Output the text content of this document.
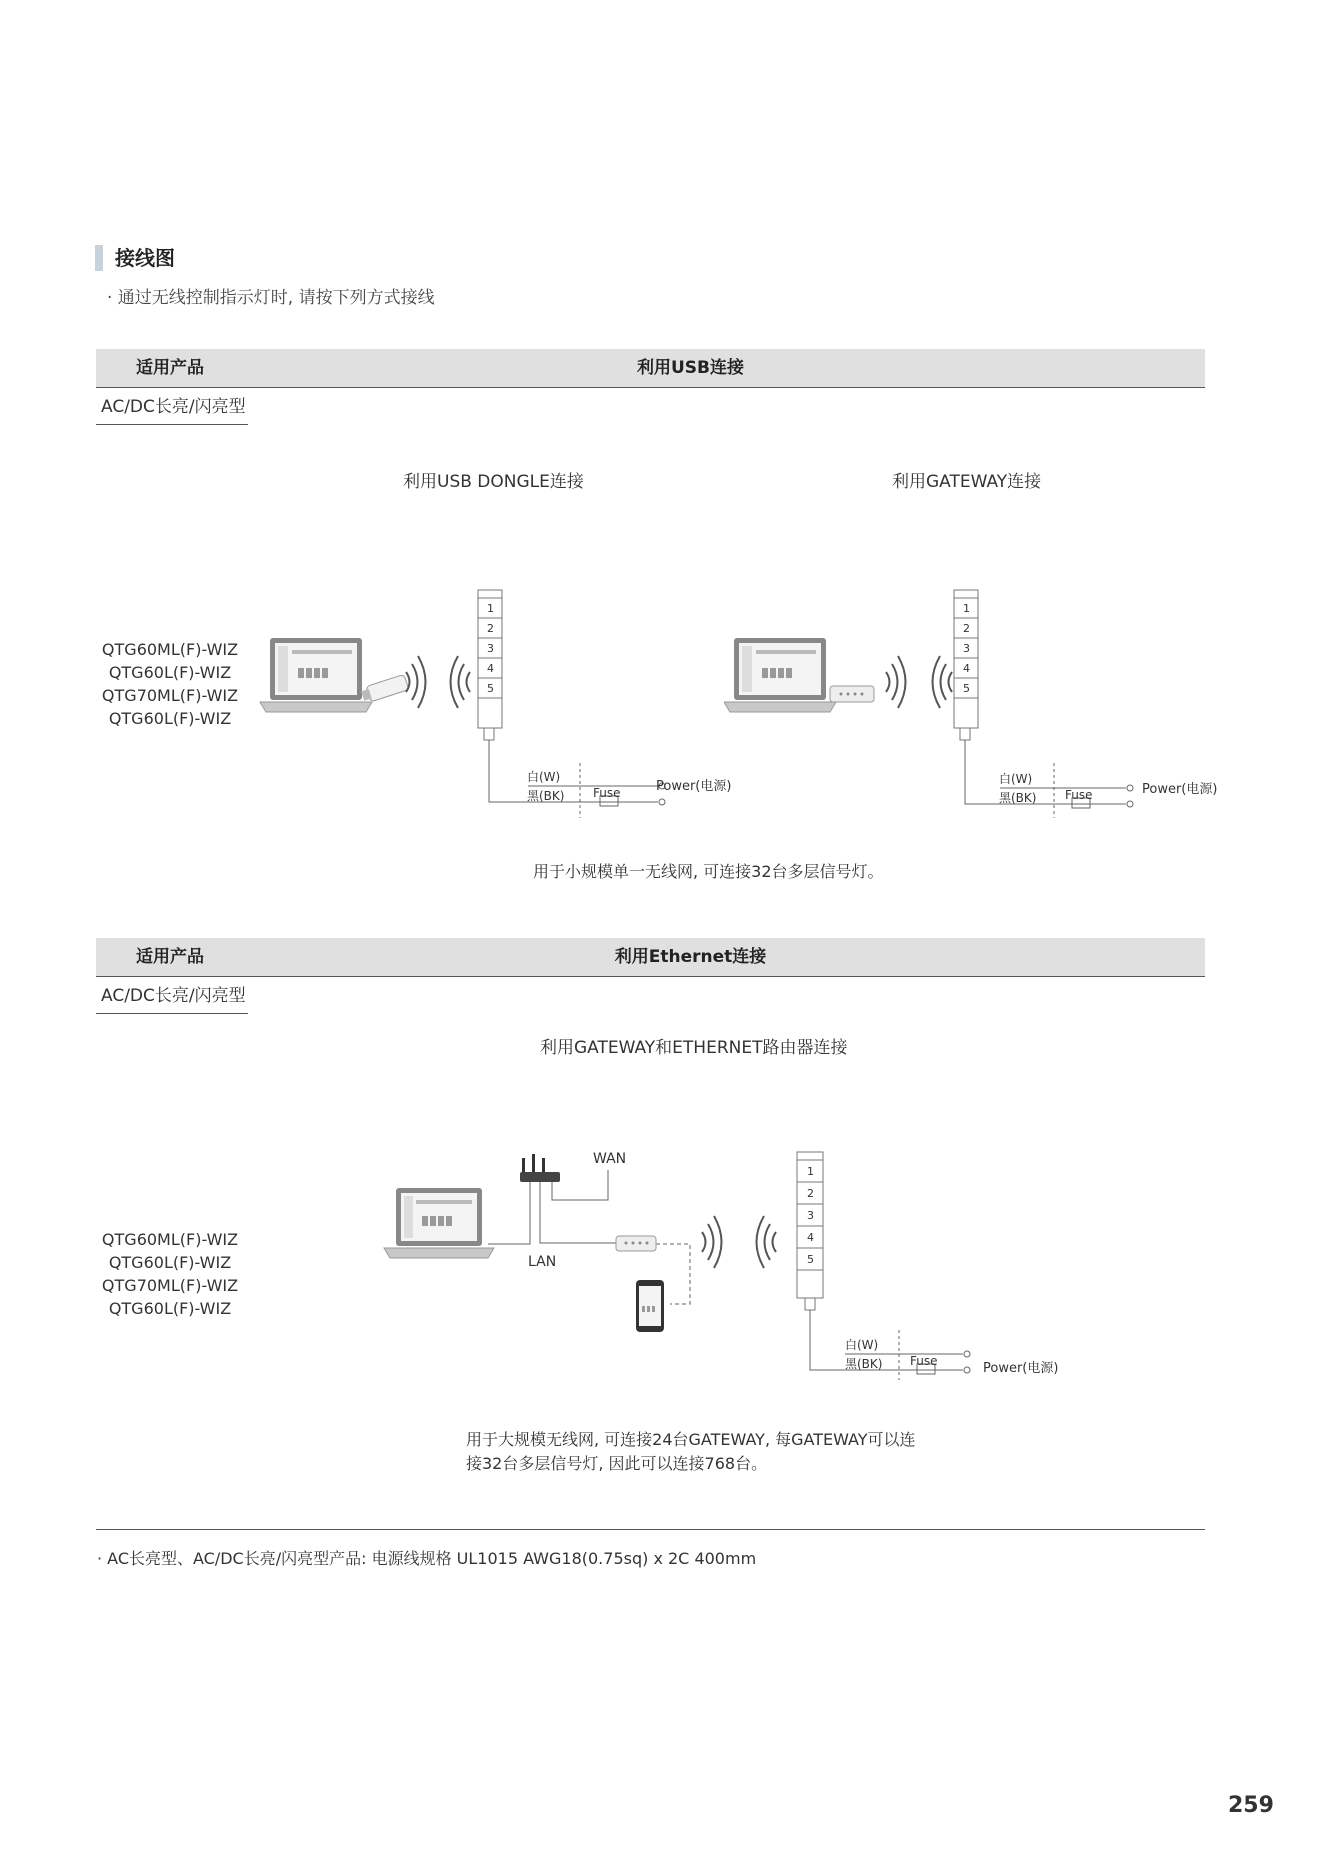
接线图
· 通过无线控制指示灯时, 请按下列方式接线
适用产品	利用USB连接
AC/DC长亮/闪亮型
利用USB DONGLE连接	利用GATEWAY连接
QTG60ML(F)-WIZ
QTG60L(F)-WIZ
QTG70ML(F)-WIZ
QTG60L(F)-WIZ
1
2
3
4
5
白(W)
黑(BK) Fuse	Power(电源)
1
2
3
4
5
白(W)
黑(BK) Fuse	Power(电源)
用于小规模单一无线网, 可连接32台多层信号灯。
适用产品	利用Ethernet连接
AC/DC长亮/闪亮型
利用GATEWAY和ETHERNET路由器连接
QTG60ML(F)-WIZ
QTG60L(F)-WIZ
QTG70ML(F)-WIZ
QTG60L(F)-WIZ
WAN
LAN
1
2
3
4
5
白(W)
黑(BK) Fuse	Power(电源)
用于大规模无线网, 可连接24台GATEWAY, 每GATEWAY可以连
接32台多层信号灯, 因此可以连接768台。
· AC长亮型、AC/DC长亮/闪亮型产品: 电源线规格 UL1015 AWG18(0.75sq) x 2C 400mm
259
